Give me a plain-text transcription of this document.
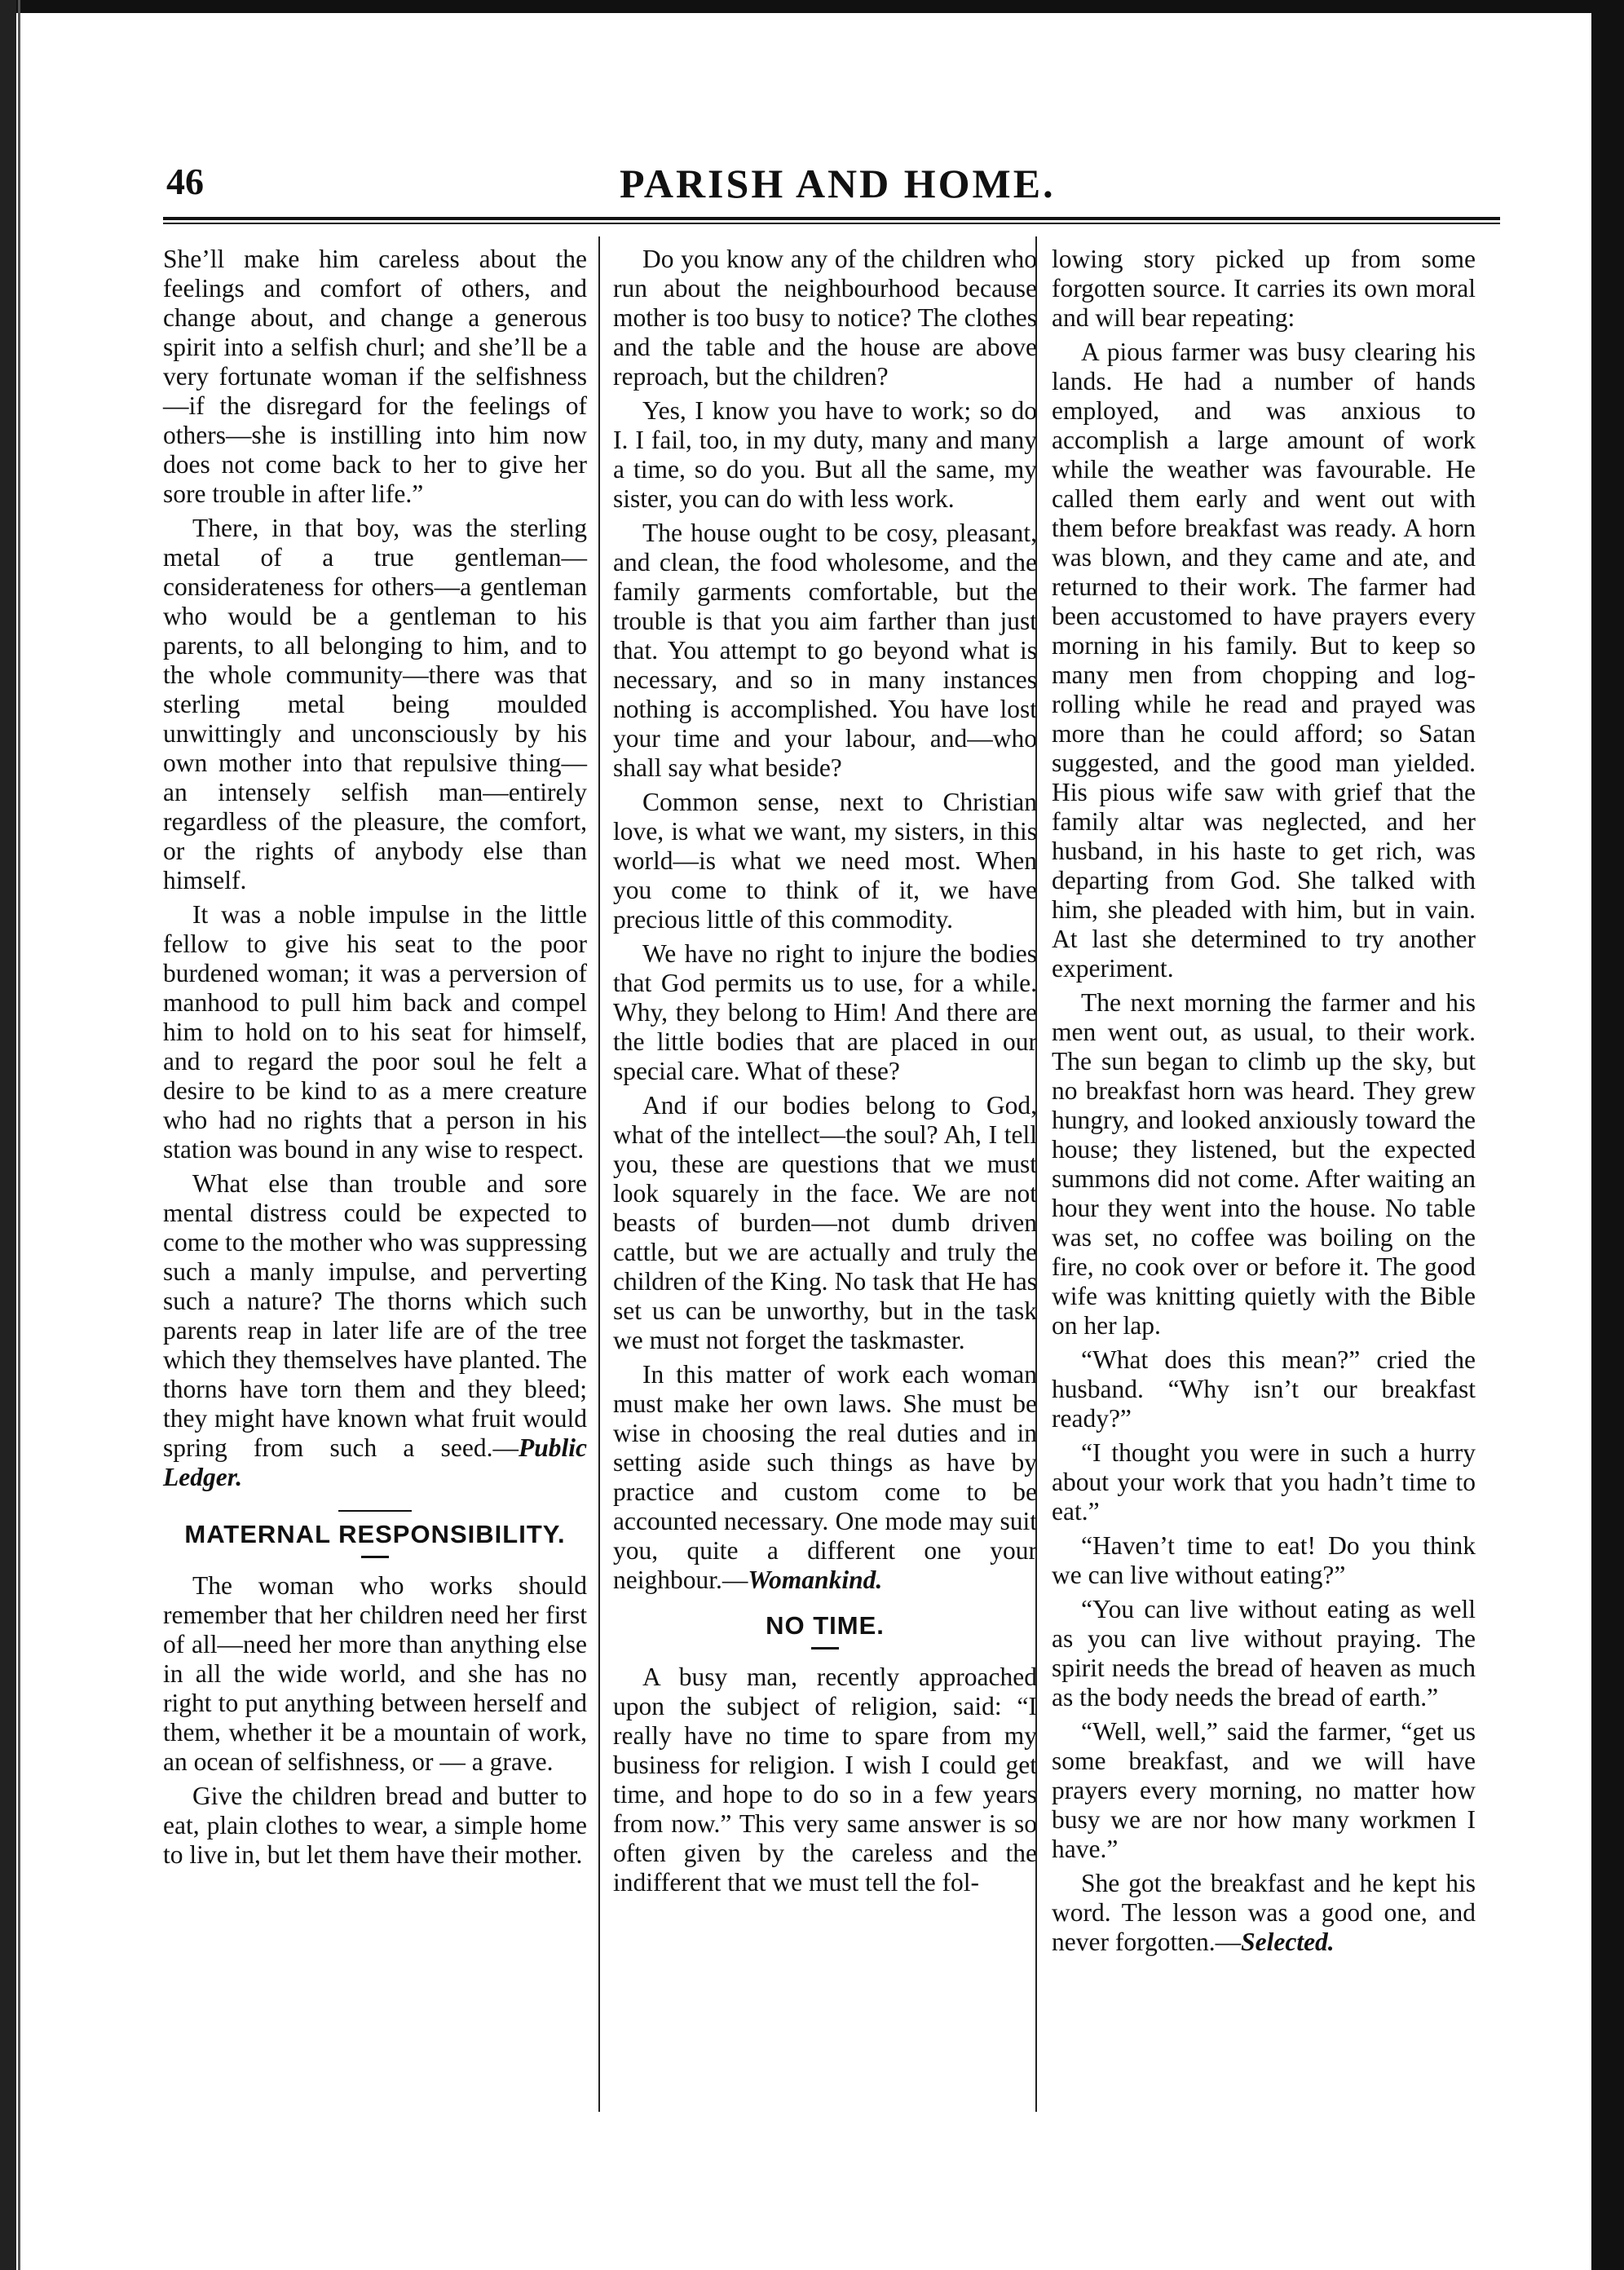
46	PARISH AND HOME.

She’ll make him careless about the feelings and comfort of others, and change about, and change a generous spirit into a selfish churl; and she’ll be a very fortunate woman if the selfishness—if the disregard for the feelings of others—she is instilling into him now does not come back to her to give her sore trouble in after life.”

There, in that boy, was the sterling metal of a true gentleman—considerateness for others—a gentleman who would be a gentleman to his parents, to all belonging to him, and to the whole community—there was that sterling metal being moulded unwittingly and unconsciously by his own mother into that repulsive thing—an intensely selfish man—entirely regardless of the pleasure, the comfort, or the rights of anybody else than himself.

It was a noble impulse in the little fellow to give his seat to the poor burdened woman; it was a perversion of manhood to pull him back and compel him to hold on to his seat for himself, and to regard the poor soul he felt a desire to be kind to as a mere creature who had no rights that a person in his station was bound in any wise to respect.

What else than trouble and sore mental distress could be expected to come to the mother who was suppressing such a manly impulse, and perverting such a nature? The thorns which such parents reap in later life are of the tree which they themselves have planted. The thorns have torn them and they bleed; they might have known what fruit would spring from such a seed.—Public Ledger.

MATERNAL RESPONSIBILITY.

The woman who works should remember that her children need her first of all—need her more than anything else in all the wide world, and she has no right to put anything between herself and them, whether it be a mountain of work, an ocean of selfishness, or — a grave.

Give the children bread and butter to eat, plain clothes to wear, a simple home to live in, but let them have their mother.

Do you know any of the children who run about the neighbourhood because mother is too busy to notice? The clothes and the table and the house are above reproach, but the children?

Yes, I know you have to work; so do I. I fail, too, in my duty, many and many a time, so do you. But all the same, my sister, you can do with less work.

The house ought to be cosy, pleasant, and clean, the food wholesome, and the family garments comfortable, but the trouble is that you aim farther than just that. You attempt to go beyond what is necessary, and so in many instances nothing is accomplished. You have lost your time and your labour, and—who shall say what beside?

Common sense, next to Christian love, is what we want, my sisters, in this world—is what we need most. When you come to think of it, we have precious little of this commodity.

We have no right to injure the bodies that God permits us to use, for a while. Why, they belong to Him! And there are the little bodies that are placed in our special care. What of these?

And if our bodies belong to God, what of the intellect—the soul? Ah, I tell you, these are questions that we must look squarely in the face. We are not beasts of burden—not dumb driven cattle, but we are actually and truly the children of the King. No task that He has set us can be unworthy, but in the task we must not forget the taskmaster.

In this matter of work each woman must make her own laws. She must be wise in choosing the real duties and in setting aside such things as have by practice and custom come to be accounted necessary. One mode may suit you, quite a different one your neighbour.—Womankind.

NO TIME.

A busy man, recently approached upon the subject of religion, said: “I really have no time to spare from my business for religion. I wish I could get time, and hope to do so in a few years from now.” This very same answer is so often given by the careless and the indifferent that we must tell the fol-

lowing story picked up from some forgotten source. It carries its own moral and will bear repeating:

A pious farmer was busy clearing his lands. He had a number of hands employed, and was anxious to accomplish a large amount of work while the weather was favourable. He called them early and went out with them before breakfast was ready. A horn was blown, and they came and ate, and returned to their work. The farmer had been accustomed to have prayers every morning in his family. But to keep so many men from chopping and log-rolling while he read and prayed was more than he could afford; so Satan suggested, and the good man yielded. His pious wife saw with grief that the family altar was neglected, and her husband, in his haste to get rich, was departing from God. She talked with him, she pleaded with him, but in vain. At last she determined to try another experiment.

The next morning the farmer and his men went out, as usual, to their work. The sun began to climb up the sky, but no breakfast horn was heard. They grew hungry, and looked anxiously toward the house; they listened, but the expected summons did not come. After waiting an hour they went into the house. No table was set, no coffee was boiling on the fire, no cook over or before it. The good wife was knitting quietly with the Bible on her lap.

“What does this mean?” cried the husband. “Why isn’t our breakfast ready?”

“I thought you were in such a hurry about your work that you hadn’t time to eat.”

“Haven’t time to eat! Do you think we can live without eating?”

“You can live without eating as well as you can live without praying. The spirit needs the bread of heaven as much as the body needs the bread of earth.”

“Well, well,” said the farmer, “get us some breakfast, and we will have prayers every morning, no matter how busy we are nor how many workmen I have.”

She got the breakfast and he kept his word. The lesson was a good one, and never forgotten.—Selected.
